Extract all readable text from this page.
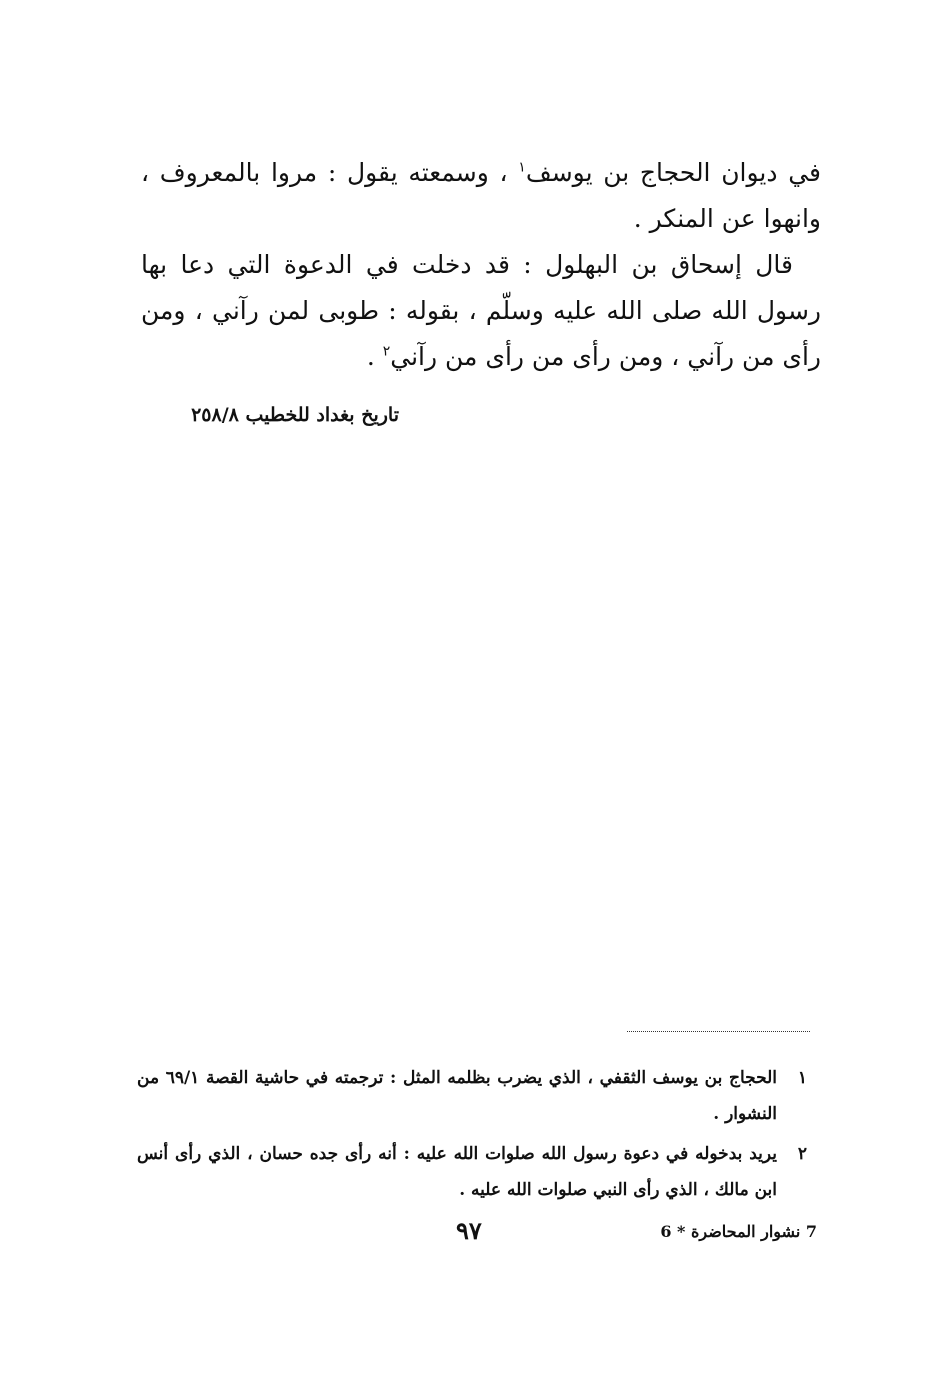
في ديوان الحجاج بن يوسف$^١$ ، وسمعته يقول : مروا بالمعروف ، وانهوا عن المنكر .

قال إسحاق بن البهلول : قد دخلت في الدعوة التي دعا بها رسول الله صلى الله عليه وسلّم ، بقوله : طوبى لمن رآني ، ومن رأى من رآني ، ومن رأى من رأى من رآني$^٢$ .

تاريخ بغداد للخطيب ٢٥٨/٨
١
الحجاج بن يوسف الثقفي ، الذي يضرب بظلمه المثل : ترجمته في حاشية القصة ٦٩/١ من النشوار .
٢
يريد بدخوله في دعوة رسول الله صلوات الله عليه : أنه رأى جده حسان ، الذي رأى أنس ابن مالك ، الذي رأى النبي صلوات الله عليه .
٩٧	7 نشوار المحاضرة * 6
